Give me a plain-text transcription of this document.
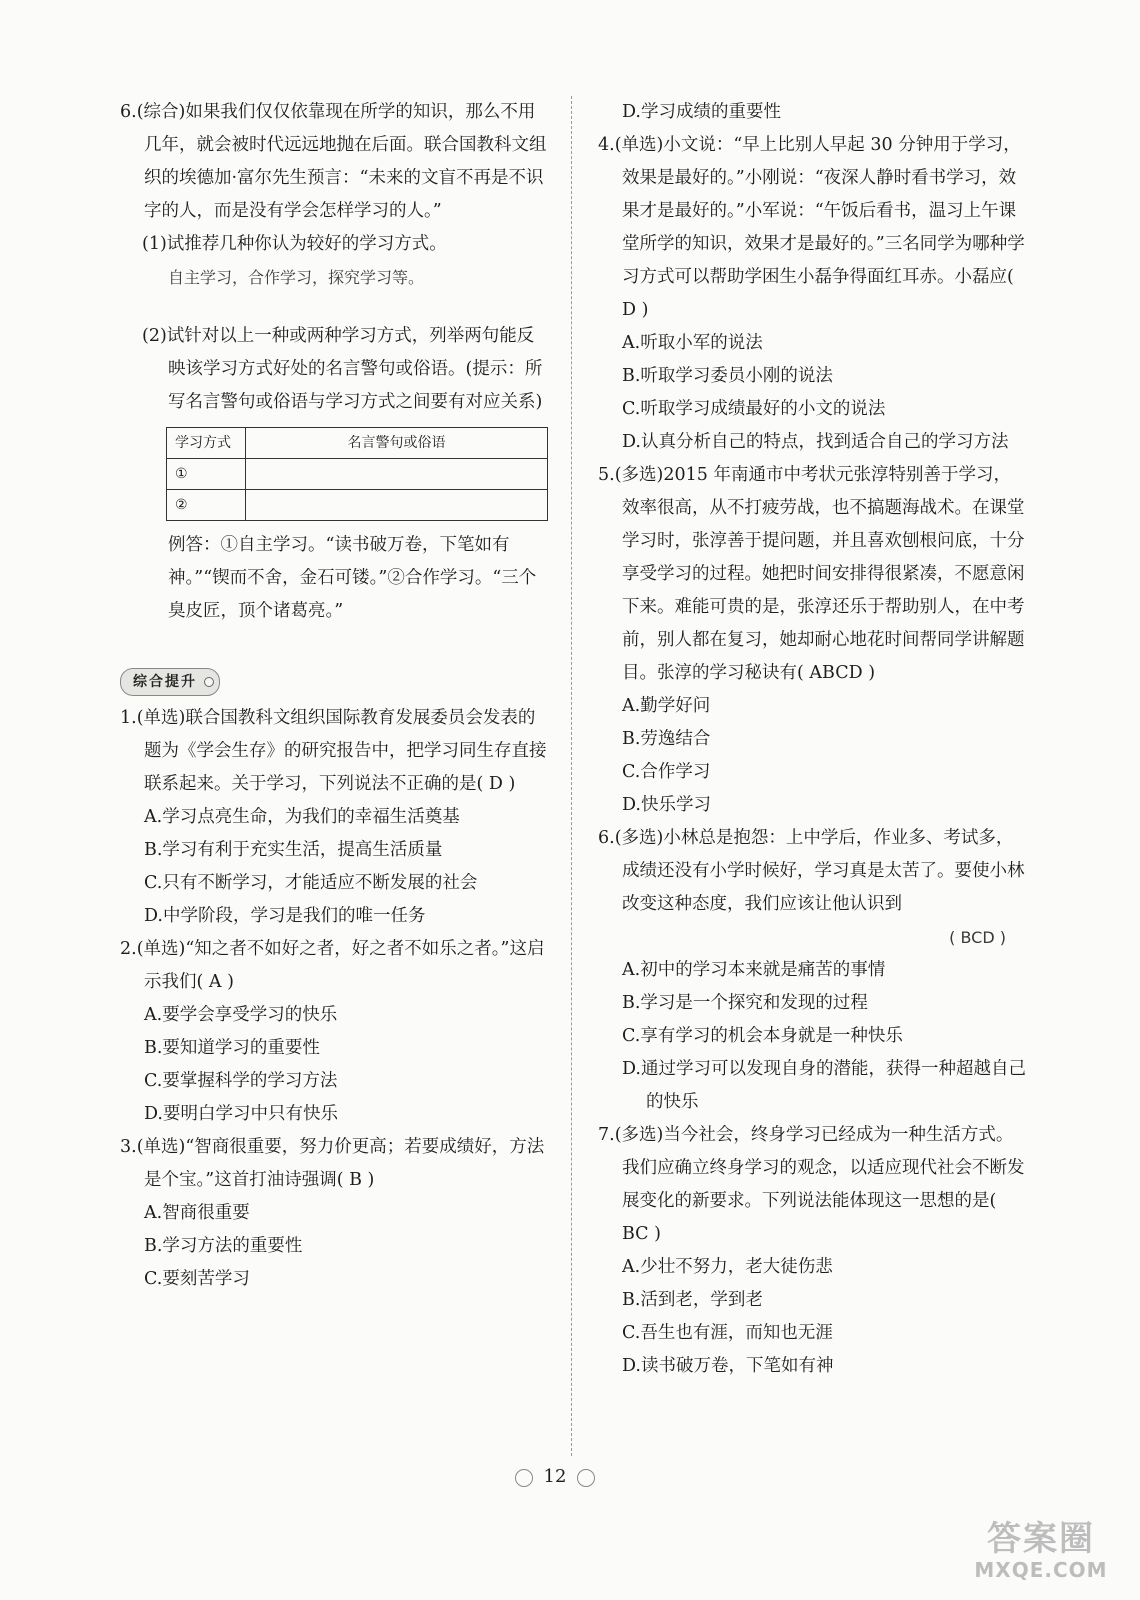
6.(综合)如果我们仅仅依靠现在所学的知识，那么不用几年，就会被时代远远地抛在后面。联合国教科文组织的埃德加·富尔先生预言：“未来的文盲不再是不识字的人，而是没有学会怎样学习的人。”

(1)试推荐几种你认为较好的学习方式。

自主学习，合作学习，探究学习等。

(2)试针对以上一种或两种学习方式，列举两句能反映该学习方式好处的名言警句或俗语。(提示：所写名言警句或俗语与学习方式之间要有对应关系)

学习方式	名言警句或俗语
①	
②	

例答：①自主学习。“读书破万卷，下笔如有神。”“锲而不舍，金石可镂。”②合作学习。“三个臭皮匠，顶个诸葛亮。”

综合提升

1.(单选)联合国教科文组织国际教育发展委员会发表的题为《学会生存》的研究报告中，把学习同生存直接联系起来。关于学习，下列说法不正确的是( D )

A.学习点亮生命，为我们的幸福生活奠基

B.学习有利于充实生活，提高生活质量

C.只有不断学习，才能适应不断发展的社会

D.中学阶段，学习是我们的唯一任务

2.(单选)“知之者不如好之者，好之者不如乐之者。”这启示我们( A )

A.要学会享受学习的快乐

B.要知道学习的重要性

C.要掌握科学的学习方法

D.要明白学习中只有快乐

3.(单选)“智商很重要，努力价更高；若要成绩好，方法是个宝。”这首打油诗强调( B )

A.智商很重要

B.学习方法的重要性

C.要刻苦学习

D.学习成绩的重要性

4.(单选)小文说：“早上比别人早起 30 分钟用于学习，效果是最好的。”小刚说：“夜深人静时看书学习，效果才是最好的。”小军说：“午饭后看书，温习上午课堂所学的知识，效果才是最好的。”三名同学为哪种学习方式可以帮助学困生小磊争得面红耳赤。小磊应( D )

A.听取小军的说法

B.听取学习委员小刚的说法

C.听取学习成绩最好的小文的说法

D.认真分析自己的特点，找到适合自己的学习方法

5.(多选)2015 年南通市中考状元张淳特别善于学习，效率很高，从不打疲劳战，也不搞题海战术。在课堂学习时，张淳善于提问题，并且喜欢刨根问底，十分享受学习的过程。她把时间安排得很紧凑，不愿意闲下来。难能可贵的是，张淳还乐于帮助别人，在中考前，别人都在复习，她却耐心地花时间帮同学讲解题目。张淳的学习秘诀有( ABCD )

A.勤学好问

B.劳逸结合

C.合作学习

D.快乐学习

6.(多选)小林总是抱怨：上中学后，作业多、考试多，成绩还没有小学时候好，学习真是太苦了。要使小林改变这种态度，我们应该让他认识到

( BCD )

A.初中的学习本来就是痛苦的事情

B.学习是一个探究和发现的过程

C.享有学习的机会本身就是一种快乐

D.通过学习可以发现自身的潜能，获得一种超越自己的快乐

7.(多选)当今社会，终身学习已经成为一种生活方式。我们应确立终身学习的观念，以适应现代社会不断发展变化的新要求。下列说法能体现这一思想的是( BC )

A.少壮不努力，老大徒伤悲

B.活到老，学到老

C.吾生也有涯，而知也无涯

D.读书破万卷，下笔如有神

12
答案圈
MXQE.COM
